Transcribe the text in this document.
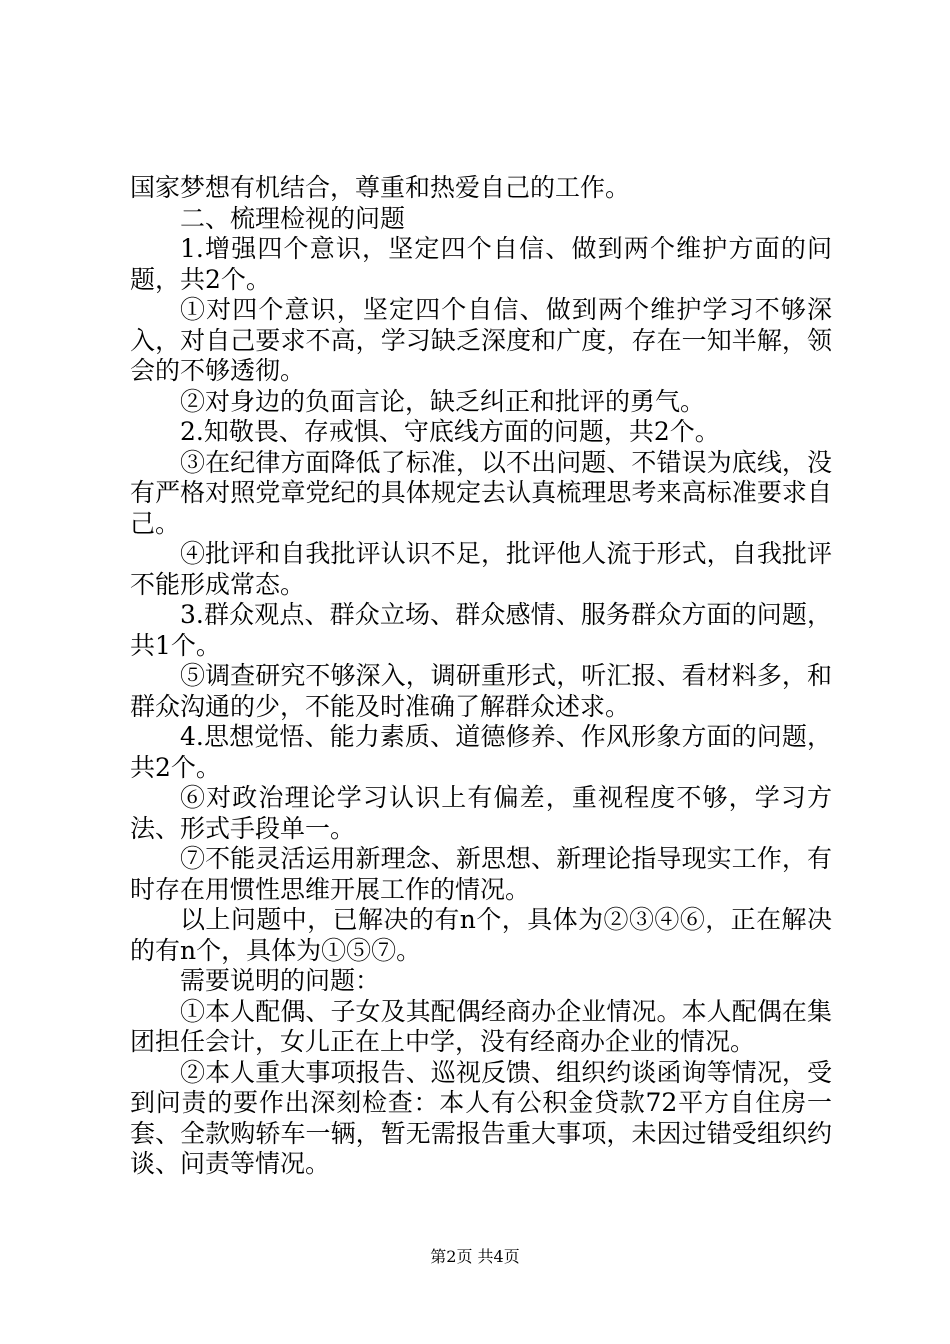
国家梦想有机结合，尊重和热爱自己的工作。

二、梳理检视的问题

1.增强四个意识，坚定四个自信、做到两个维护方面的问题，共2个。

①对四个意识，坚定四个自信、做到两个维护学习不够深入，对自己要求不高，学习缺乏深度和广度，存在一知半解，领会的不够透彻。

②对身边的负面言论，缺乏纠正和批评的勇气。

2.知敬畏、存戒惧、守底线方面的问题，共2个。

③在纪律方面降低了标准，以不出问题、不错误为底线，没有严格对照党章党纪的具体规定去认真梳理思考来高标准要求自己。

④批评和自我批评认识不足，批评他人流于形式，自我批评不能形成常态。

3.群众观点、群众立场、群众感情、服务群众方面的问题，共1个。

⑤调查研究不够深入，调研重形式，听汇报、看材料多，和群众沟通的少，不能及时准确了解群众述求。

4.思想觉悟、能力素质、道德修养、作风形象方面的问题，共2个。

⑥对政治理论学习认识上有偏差，重视程度不够，学习方法、形式手段单一。

⑦不能灵活运用新理念、新思想、新理论指导现实工作，有时存在用惯性思维开展工作的情况。

以上问题中，已解决的有n个，具体为②③④⑥，正在解决的有n个，具体为①⑤⑦。

需要说明的问题：

①本人配偶、子女及其配偶经商办企业情况。本人配偶在集团担任会计，女儿正在上中学，没有经商办企业的情况。

②本人重大事项报告、巡视反馈、组织约谈函询等情况，受到问责的要作出深刻检查：本人有公积金贷款72平方自住房一套、全款购轿车一辆，暂无需报告重大事项，未因过错受组织约谈、问责等情况。

第2页 共4页
